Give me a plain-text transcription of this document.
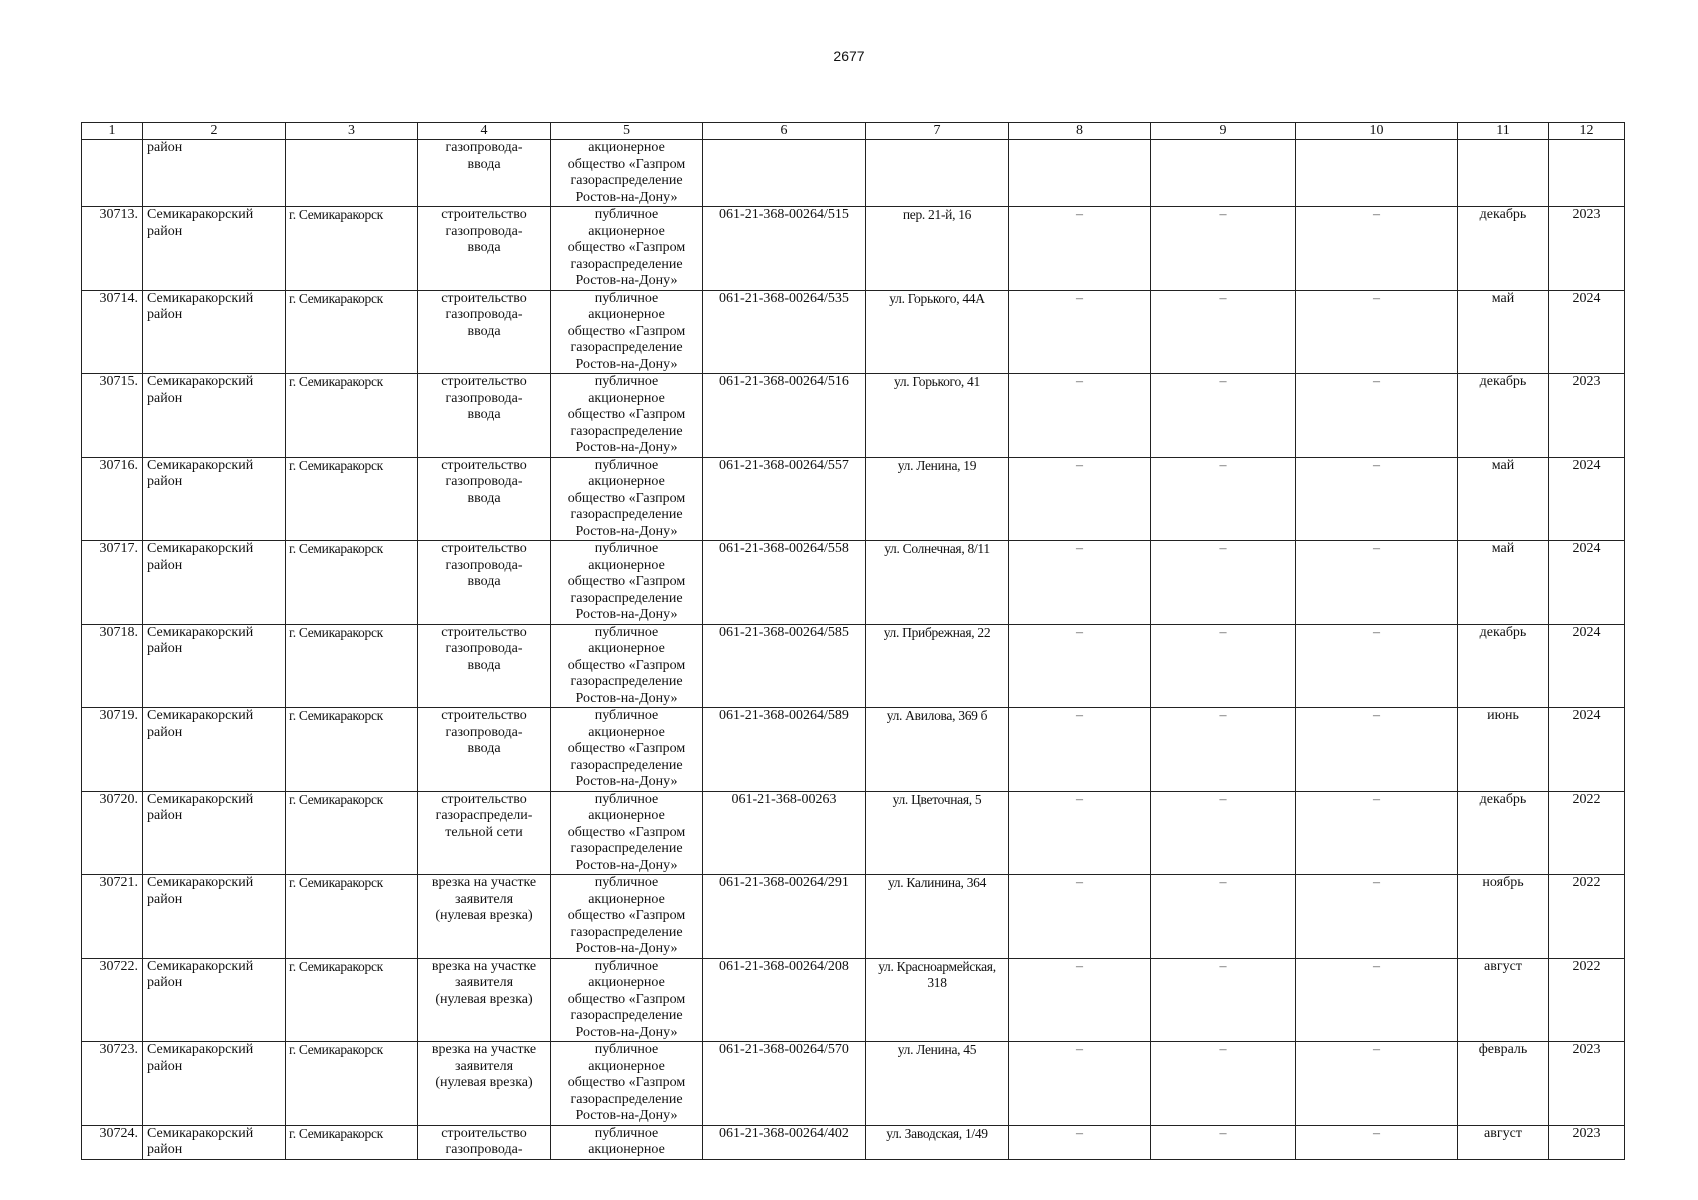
2677
1	2	3	4	5	6	7	8	9	10	11	12

	район		газопровода-
ввода	акционерное
общество «Газпром
газораспределение
Ростов-на-Дону»							

30713.	Семикаракорский
район	г. Семикаракорск	строительство
газопровода-
ввода	публичное
акционерное
общество «Газпром
газораспределение
Ростов-на-Дону»	061-21-368-00264/515	пер. 21-й, 16	–	–	–	декабрь	2023

30714.	Семикаракорский
район	г. Семикаракорск	строительство
газопровода-
ввода	публичное
акционерное
общество «Газпром
газораспределение
Ростов-на-Дону»	061-21-368-00264/535	ул. Горького, 44А	–	–	–	май	2024

30715.	Семикаракорский
район	г. Семикаракорск	строительство
газопровода-
ввода	публичное
акционерное
общество «Газпром
газораспределение
Ростов-на-Дону»	061-21-368-00264/516	ул. Горького, 41	–	–	–	декабрь	2023

30716.	Семикаракорский
район	г. Семикаракорск	строительство
газопровода-
ввода	публичное
акционерное
общество «Газпром
газораспределение
Ростов-на-Дону»	061-21-368-00264/557	ул. Ленина, 19	–	–	–	май	2024

30717.	Семикаракорский
район	г. Семикаракорск	строительство
газопровода-
ввода	публичное
акционерное
общество «Газпром
газораспределение
Ростов-на-Дону»	061-21-368-00264/558	ул. Солнечная, 8/11	–	–	–	май	2024

30718.	Семикаракорский
район	г. Семикаракорск	строительство
газопровода-
ввода	публичное
акционерное
общество «Газпром
газораспределение
Ростов-на-Дону»	061-21-368-00264/585	ул. Прибрежная, 22	–	–	–	декабрь	2024

30719.	Семикаракорский
район	г. Семикаракорск	строительство
газопровода-
ввода	публичное
акционерное
общество «Газпром
газораспределение
Ростов-на-Дону»	061-21-368-00264/589	ул. Авилова, 369 б	–	–	–	июнь	2024

30720.	Семикаракорский
район	г. Семикаракорск	строительство
газораспредели-
тельной сети	публичное
акционерное
общество «Газпром
газораспределение
Ростов-на-Дону»	061-21-368-00263	ул. Цветочная, 5	–	–	–	декабрь	2022

30721.	Семикаракорский
район	г. Семикаракорск	врезка на участке
заявителя
(нулевая врезка)	публичное
акционерное
общество «Газпром
газораспределение
Ростов-на-Дону»	061-21-368-00264/291	ул. Калинина, 364	–	–	–	ноябрь	2022

30722.	Семикаракорский
район	г. Семикаракорск	врезка на участке
заявителя
(нулевая врезка)	публичное
акционерное
общество «Газпром
газораспределение
Ростов-на-Дону»	061-21-368-00264/208	ул. Красноармейская,
318	–	–	–	август	2022

30723.	Семикаракорский
район	г. Семикаракорск	врезка на участке
заявителя
(нулевая врезка)	публичное
акционерное
общество «Газпром
газораспределение
Ростов-на-Дону»	061-21-368-00264/570	ул. Ленина, 45	–	–	–	февраль	2023

30724.	Семикаракорский
район	г. Семикаракорск	строительство
газопровода-	публичное
акционерное	061-21-368-00264/402	ул. Заводская, 1/49	–	–	–	август	2023
